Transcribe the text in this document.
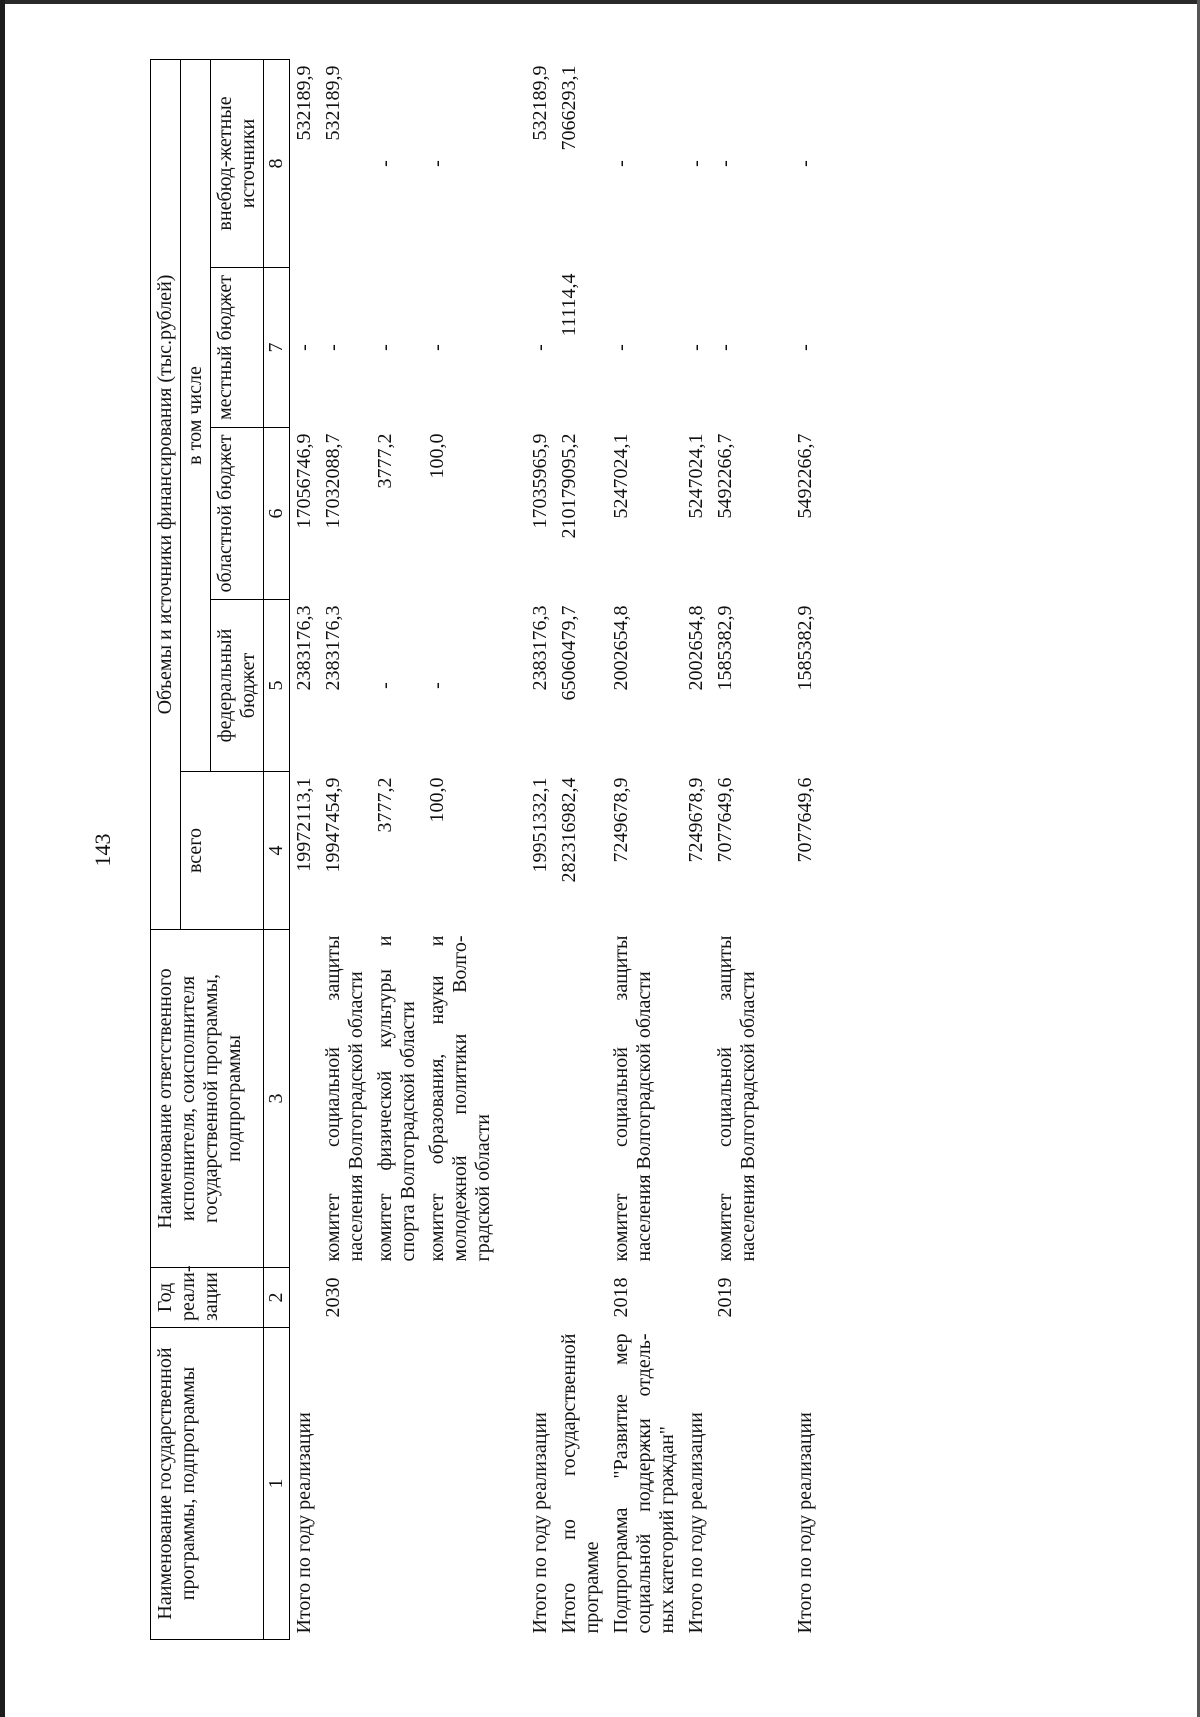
143
Наименование государственной программы, подпрограммы	Год реали-зации	Наименование ответственного исполнителя, соисполнителя государственной программы, подпрограммы	Объемы и источники финансирования (тыс.рублей)				
			всего	в том числе			
				федеральный бюджет	областной бюджет	местный бюджет	внебюд-жетные источники
1	2	3	4	5	6	7	8
Итого по году реализации			19972113,1	2383176,3	17056746,9	-	532189,9
	2030	комитет социальной защиты населения Волгоградской области	19947454,9	2383176,3	17032088,7	-	532189,9
		комитет физической культуры и спорта Волгоградской области	3777,2	-	3777,2	-	-
		комитет образования, науки и молодежной политики Волго-градской области	100,0	-	100,0	-	-

Итого по году реализации			19951332,1	2383176,3	17035965,9	-	532189,9
Итого по государственной программе			282316982,4	65060479,7	210179095,2	11114,4	7066293,1
Подпрограмма "Развитие мер социальной поддержки отдель-ных категорий граждан"	2018	комитет социальной защиты населения Волгоградской области	7249678,9	2002654,8	5247024,1	-	-
Итого по году реализации			7249678,9	2002654,8	5247024,1	-	-
	2019	комитет социальной защиты населения Волгоградской области	7077649,6	1585382,9	5492266,7	-	-

Итого по году реализации			7077649,6	1585382,9	5492266,7	-	-
